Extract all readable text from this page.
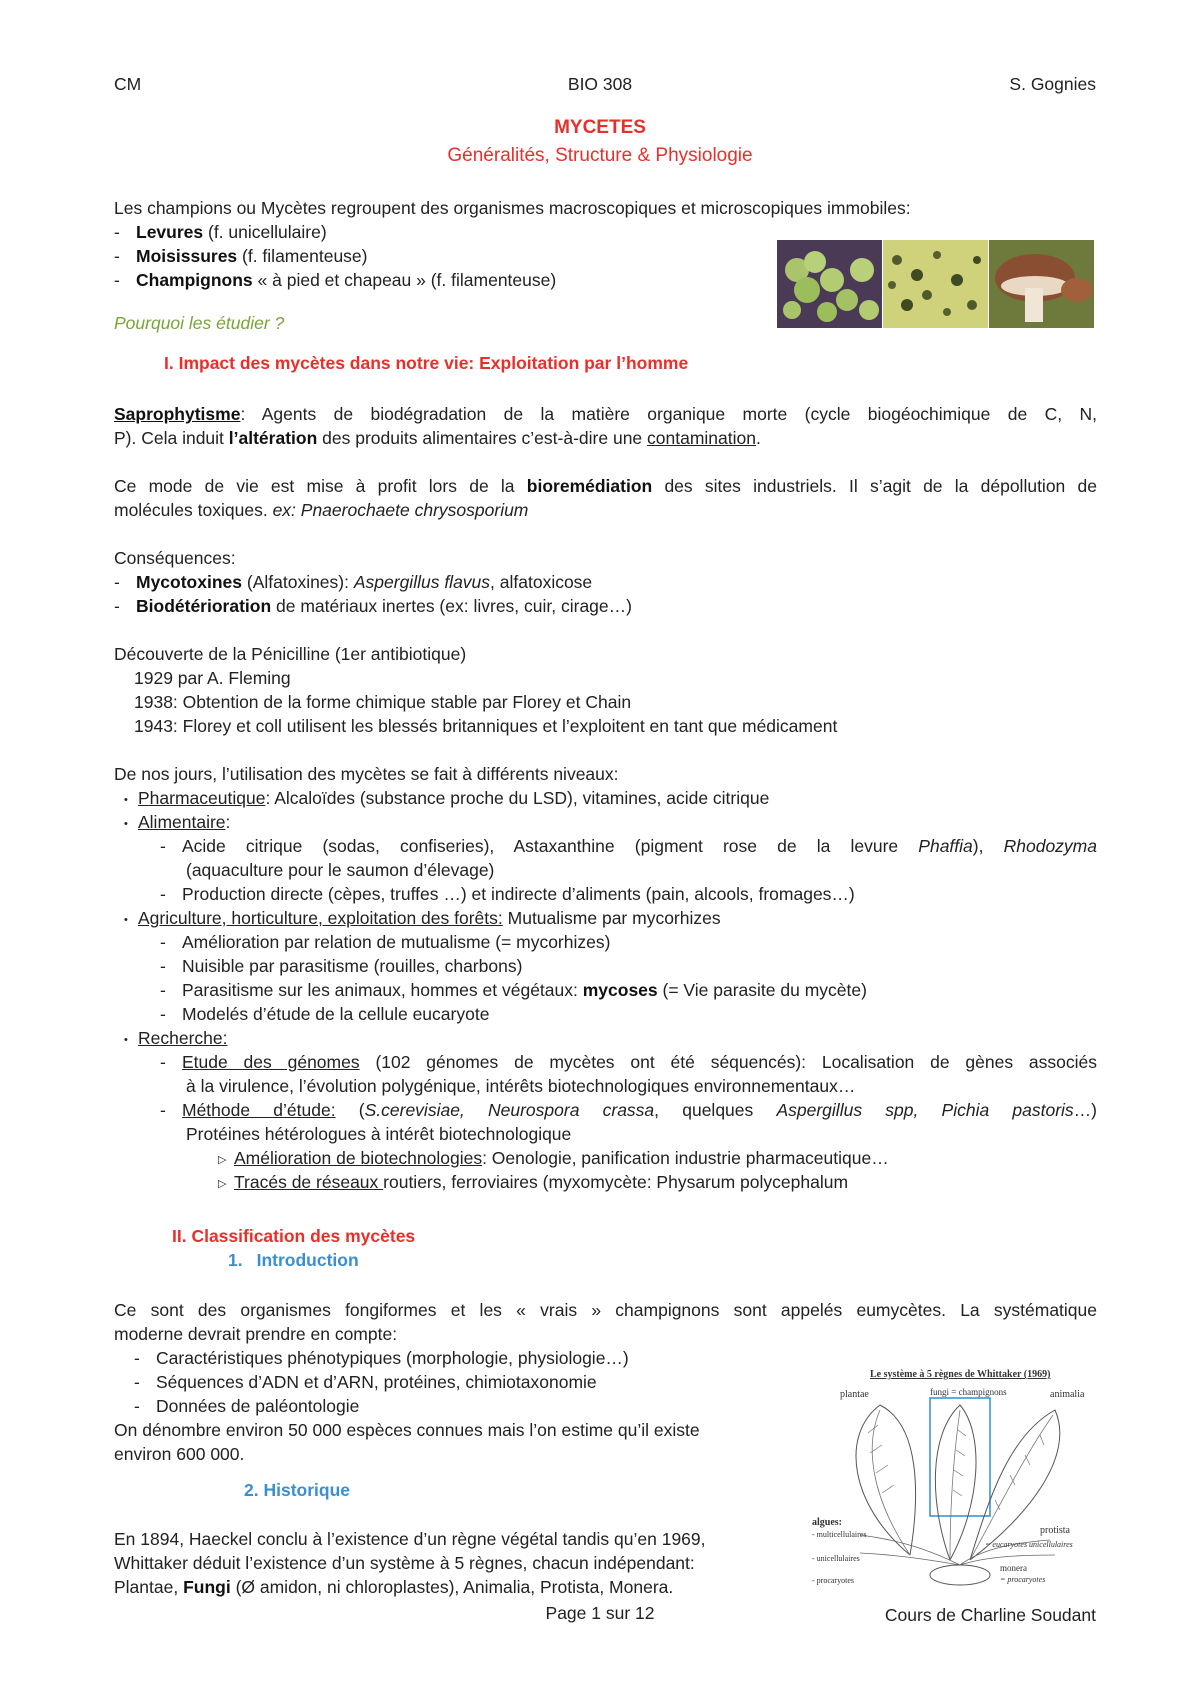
CM	BIO 308	S. Gognies
MYCETES
Généralités, Structure & Physiologie
Les champions ou Mycètes regroupent des organismes macroscopiques et microscopiques immobiles:
- Levures (f. unicellulaire)
- Moisissures (f. filamenteuse)
- Champignons « à pied et chapeau » (f. filamenteuse)
Pourquoi les étudier ?
I. Impact des mycètes dans notre vie: Exploitation par l’homme
Saprophytisme: Agents de biodégradation de la matière organique morte (cycle biogéochimique de C, N,
P). Cela induit l’altération des produits alimentaires c’est-à-dire une contamination.
Ce mode de vie est mise à profit lors de la bioremédiation des sites industriels. Il s’agit de la dépollution de
molécules toxiques. ex: Pnaerochaete chrysosporium
Conséquences:
- Mycotoxines (Alfatoxines): Aspergillus flavus, alfatoxicose
- Biodétérioration de matériaux inertes (ex: livres, cuir, cirage…)
Découverte de la Pénicilline (1er antibiotique)
1929 par A. Fleming
1938: Obtention de la forme chimique stable par Florey et Chain
1943: Florey et coll utilisent les blessés britanniques et l’exploitent en tant que médicament
De nos jours, l’utilisation des mycètes se fait à différents niveaux:
• Pharmaceutique: Alcaloïdes (substance proche du LSD), vitamines, acide citrique
• Alimentaire:
- Acide citrique (sodas, confiseries), Astaxanthine (pigment rose de la levure Phaffia), Rhodozyma
(aquaculture pour le saumon d’élevage)
- Production directe (cèpes, truffes …) et indirecte d’aliments (pain, alcools, fromages…)
• Agriculture, horticulture, exploitation des forêts: Mutualisme par mycorhizes
- Amélioration par relation de mutualisme (= mycorhizes)
- Nuisible par parasitisme (rouilles, charbons)
- Parasitisme sur les animaux, hommes et végétaux: mycoses (= Vie parasite du mycète)
- Modelés d’étude de la cellule eucaryote
• Recherche:
- Etude des génomes (102 génomes de mycètes ont été séquencés): Localisation de gènes associés
à la virulence, l’évolution polygénique, intérêts biotechnologiques environnementaux…
- Méthode d’étude: (S.cerevisiae, Neurospora crassa, quelques Aspergillus spp, Pichia pastoris…)
Protéines hétérologues à intérêt biotechnologique
▷ Amélioration de biotechnologies: Oenologie, panification industrie pharmaceutique…
▷ Tracés de réseaux routiers, ferroviaires (myxomycète: Physarum polycephalum
II. Classification des mycètes
1. Introduction
Ce sont des organismes fongiformes et les « vrais » champignons sont appelés eumycètes. La systématique
moderne devrait prendre en compte:
- Caractéristiques phénotypiques (morphologie, physiologie…)
- Séquences d’ADN et d’ARN, protéines, chimiotaxonomie
- Données de paléontologie
On dénombre environ 50 000 espèces connues mais l’on estime qu’il existe
environ 600 000.
2. Historique
En 1894, Haeckel conclu à l’existence d’un règne végétal tandis qu’en 1969,
Whittaker déduit l’existence d’un système à 5 règnes, chacun indépendant:
Plantae, Fungi (Ø amidon, ni chloroplastes), Animalia, Protista, Monera.
Le système à 5 règnes de Whittaker (1969)
plantae	fungi = champignons	animalia
algues:
- multicellulaires
- unicellulaires
- procaryotes
protista
= eucaryotes unicellulaires
monera
= procaryotes
Page 1 sur 12	Cours de Charline Soudant
